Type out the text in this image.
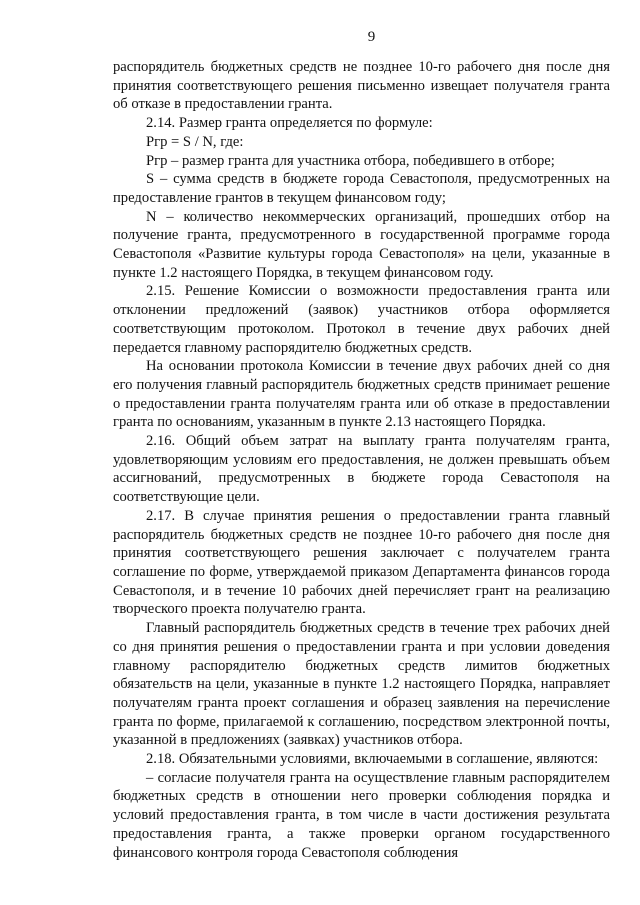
9

распорядитель бюджетных средств не позднее 10-го рабочего дня после дня принятия соответствующего решения письменно извещает получателя гранта об отказе в предоставлении гранта.

2.14. Размер гранта определяется по формуле:

Ргр = S / N, где:

Ргр – размер гранта для участника отбора, победившего в отборе;

S – сумма средств в бюджете города Севастополя, предусмотренных на предоставление грантов в текущем финансовом году;

N – количество некоммерческих организаций, прошедших отбор на получение гранта, предусмотренного в государственной программе города Севастополя «Развитие культуры города Севастополя» на цели, указанные в пункте 1.2 настоящего Порядка, в текущем финансовом году.

2.15. Решение Комиссии о возможности предоставления гранта или отклонении предложений (заявок) участников отбора оформляется соответствующим протоколом. Протокол в течение двух рабочих дней передается главному распорядителю бюджетных средств.

На основании протокола Комиссии в течение двух рабочих дней со дня его получения главный распорядитель бюджетных средств принимает решение о предоставлении гранта получателям гранта или об отказе в предоставлении гранта по основаниям, указанным в пункте 2.13 настоящего Порядка.

2.16. Общий объем затрат на выплату гранта получателям гранта, удовлетворяющим условиям его предоставления, не должен превышать объем ассигнований, предусмотренных в бюджете города Севастополя на соответствующие цели.

2.17. В случае принятия решения о предоставлении гранта главный распорядитель бюджетных средств не позднее 10-го рабочего дня после дня принятия соответствующего решения заключает с получателем гранта соглашение по форме, утверждаемой приказом Департамента финансов города Севастополя, и в течение 10 рабочих дней перечисляет грант на реализацию творческого проекта получателю гранта.

Главный распорядитель бюджетных средств в течение трех рабочих дней со дня принятия решения о предоставлении гранта и при условии доведения главному распорядителю бюджетных средств лимитов бюджетных обязательств на цели, указанные в пункте 1.2 настоящего Порядка, направляет получателям гранта проект соглашения и образец заявления на перечисление гранта по форме, прилагаемой к соглашению, посредством электронной почты, указанной в предложениях (заявках) участников отбора.

2.18. Обязательными условиями, включаемыми в соглашение, являются:

– согласие получателя гранта на осуществление главным распорядителем бюджетных средств в отношении него проверки соблюдения порядка и условий предоставления гранта, в том числе в части достижения результата предоставления гранта, а также проверки органом государственного финансового контроля города Севастополя соблюдения
